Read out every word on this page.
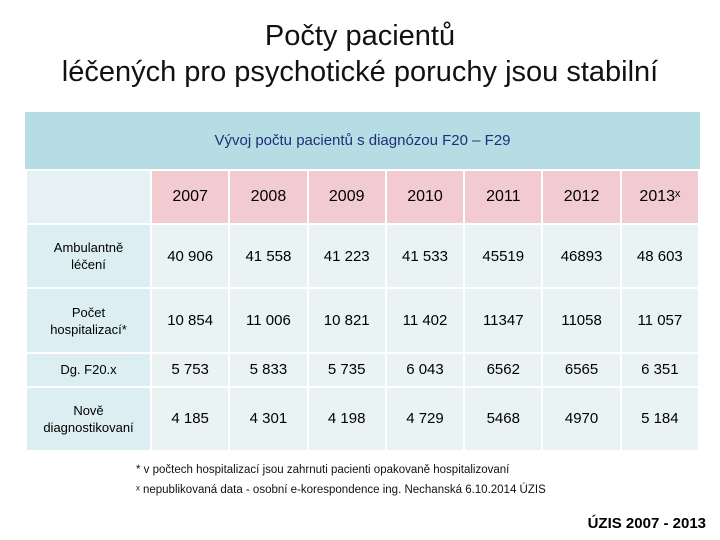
Počty pacientů
léčených pro psychotické poruchy jsou stabilní
Vývoj počtu pacientů s diagnózou F20 – F29
	2007	2008	2009	2010	2011	2012	2013ˣ

Ambulantně
léčení	40 906	41 558	41 223	41 533	45519	46893	48 603

Počet
hospitalizací*	10 854	11 006	10 821	11 402	11347	11058	11 057

Dg. F20.x	5 753	5 833	5 735	6 043	6562	6565	6 351

Nově
diagnostikovaní	4 185	4 301	4 198	4 729	5468	4970	5 184
* v počtech hospitalizací jsou zahrnuti pacienti opakovaně hospitalizovaní
ˣ nepublikovaná data - osobní e-korespondence ing. Nechanská 6.10.2014 ÚZIS
ÚZIS 2007 - 2013
